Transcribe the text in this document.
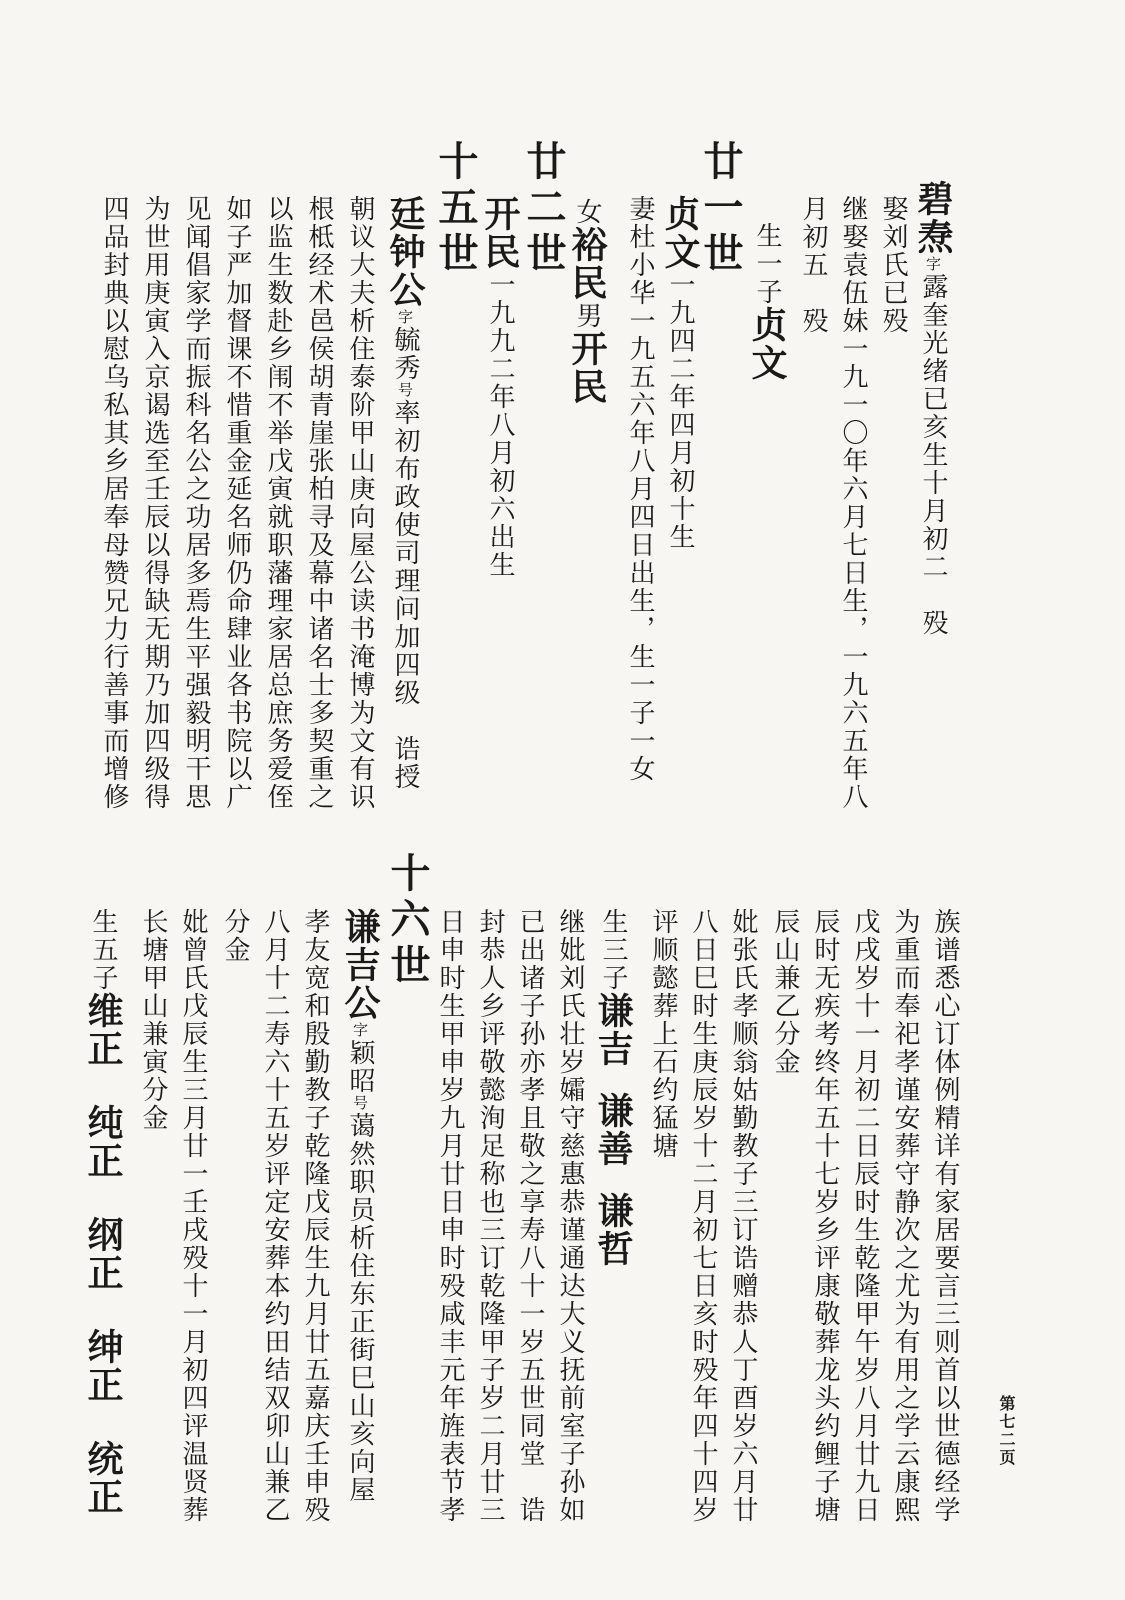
碧焘字露奎光绪已亥生十月初二　殁
娶刘氏已殁
继娶袁伍妹一九一〇年六月七日生，一九六五年八
月初五　殁
生一子贞文
廿一世
贞文一九四二年四月初十生
妻杜小华一九五六年八月四日出生，生一子一女
女裕民男开民
廿二世
开民一九九二年八月初六出生
十五世
廷钟公字毓秀号率初布政使司理问加四级　诰授
朝议大夫析住泰阶甲山庚向屋公读书淹博为文有识
根柢经术邑侯胡青崖张柏寻及幕中诸名士多契重之
以监生数赴乡闱不举戊寅就职藩理家居总庶务爱侄
如子严加督课不惜重金延名师仍命肆业各书院以广
见闻倡家学而振科名公之功居多焉生平强毅明干思
为世用庚寅入京谒选至壬辰以得缺无期乃加四级得
四品封典以慰乌私其乡居奉母赞兄力行善事而增修
族谱悉心订体例精详有家居要言三则首以世德经学
为重而奉祀孝谨安葬守静次之尤为有用之学云康熙
戊戌岁十一月初二日辰时生乾隆甲午岁八月廿九日
辰时无疾考终年五十七岁乡评康敬葬龙头约鲤子塘
辰山兼乙分金
妣张氏孝顺翁姑勤教子三订诰赠恭人丁酉岁六月廿
八日巳时生庚辰岁十二月初七日亥时殁年四十四岁
评顺懿葬上石约猛塘
生三子谦吉谦善谦哲
继妣刘氏壮岁孀守慈惠恭谨通达大义抚前室子孙如
已出诸子孙亦孝且敬之享寿八十一岁五世同堂　诰
封恭人乡评敬懿洵足称也三订乾隆甲子岁二月廿三
日申时生甲申岁九月廿日申时殁咸丰元年旌表节孝
十六世
谦吉公字颖昭号蔼然职员析住东正街巳山亥向屋
孝友宽和殷勤教子乾隆戊辰生九月廿五嘉庆壬申殁
八月十二寿六十五岁评定安葬本约田结双卯山兼乙
分金
妣曾氏戊辰生三月廿一壬戌殁十一月初四评温贤葬
长塘甲山兼寅分金
生五子维正纯正纲正绅正统正
第七二页
